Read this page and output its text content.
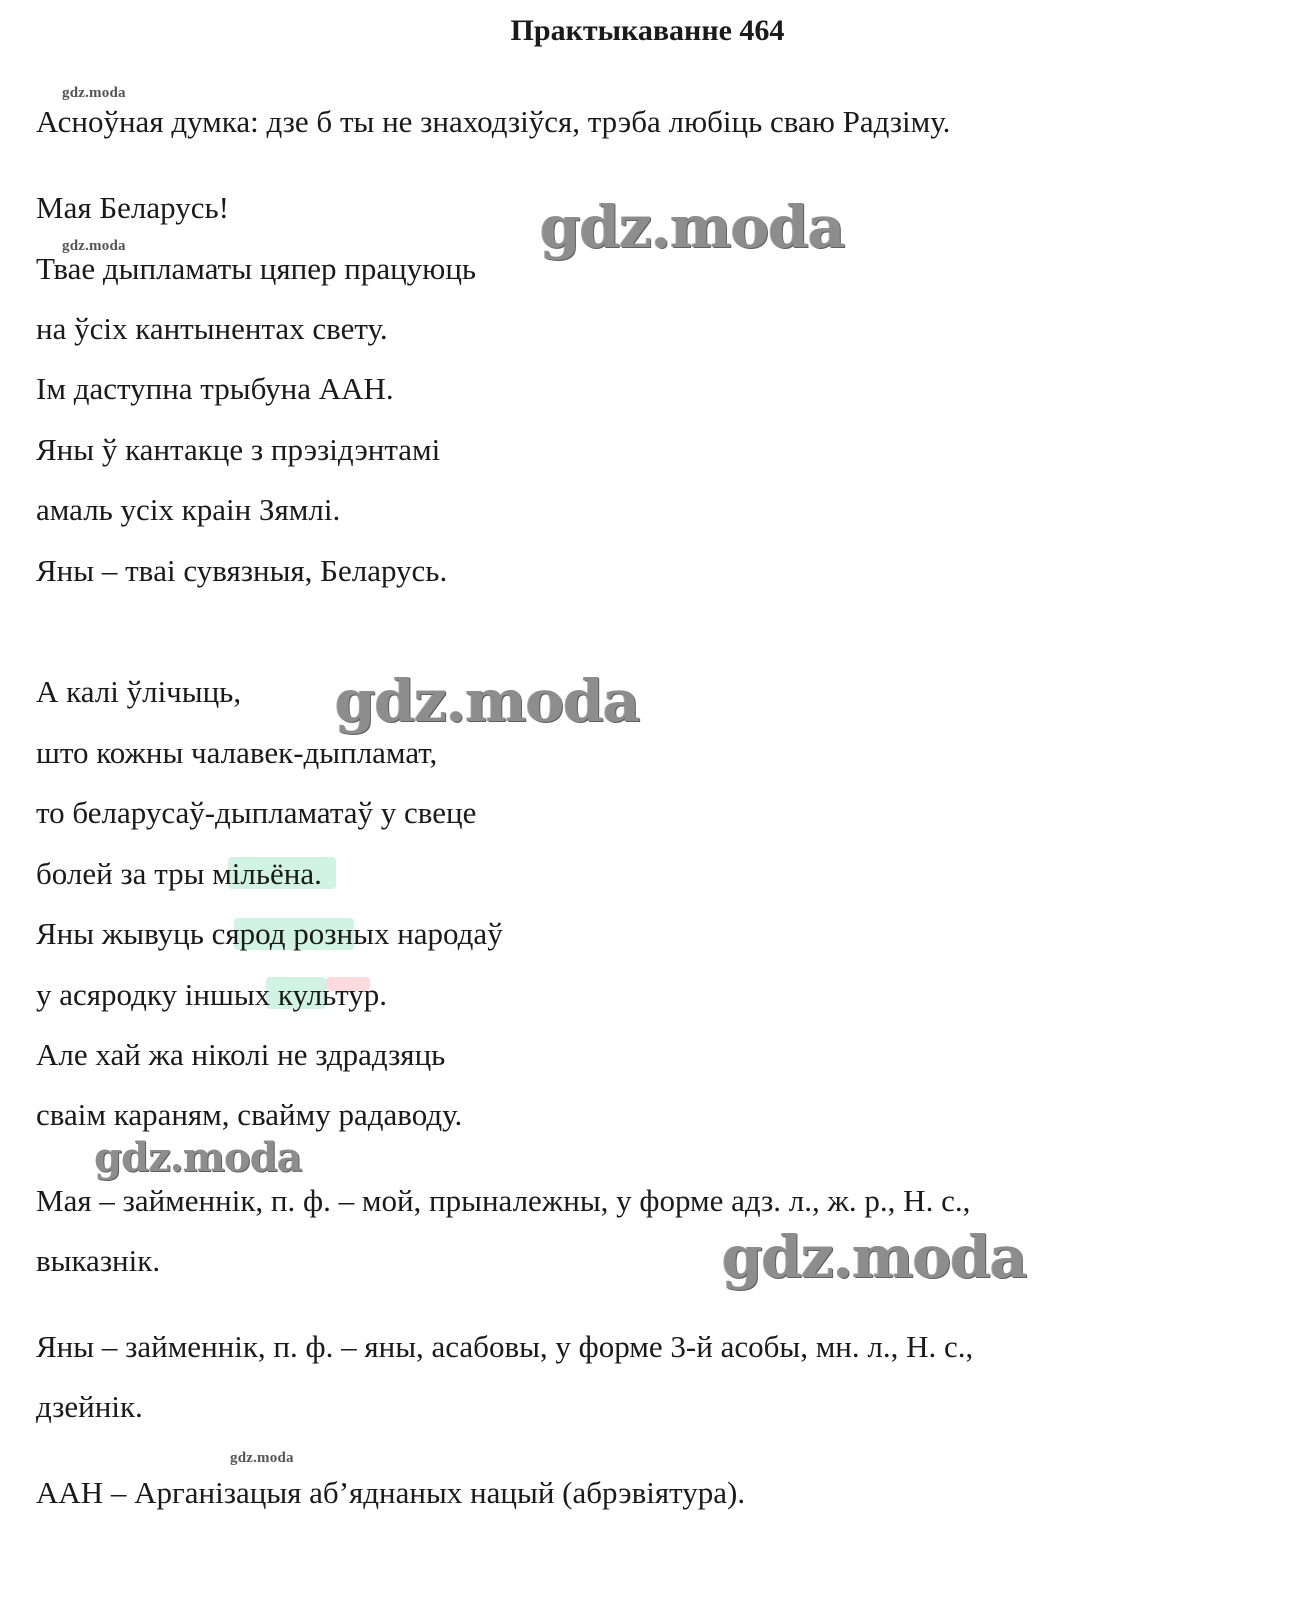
Практыкаванне 464
gdz.moda
gdz.moda
gdz.moda
Асноўная думка: дзе б ты не знаходзіўся, трэба любіць сваю Радзіму.
Мая Беларусь!
Тваe дыпламаты цяпер працуюць
на ўсіх кантынентах свету.
Ім даступна трыбуна ААН.
Яны ў кантакце з прэзідэнтамі
амаль усіх краін Зямлі.
Яны – твaі сувязныя, Беларусь.
А калі ўлічыць,
што кожны чалавек-дыпламат,
то беларусаў-дыпламатаў у свеце
болей за тры мільёна.
Яны жывуць сярод розных народаў
у асяродку іншых культур.
Але хай жа ніколі не здрадзяць
сваім караням, свайму радаводу.
Мая – займеннік, п. ф. – мой, прыналежны, у форме адз. л., ж. р., Н. с.,
выказнік.
Яны – займеннік, п. ф. – яны, асабовы, у форме 3-й асобы, мн. л., Н. с.,
дзейнік.
ААН – Арганізацыя аб’яднаных нацый (абрэвіятура).
gdz.moda
gdz.moda
gdz.moda
gdz.moda
